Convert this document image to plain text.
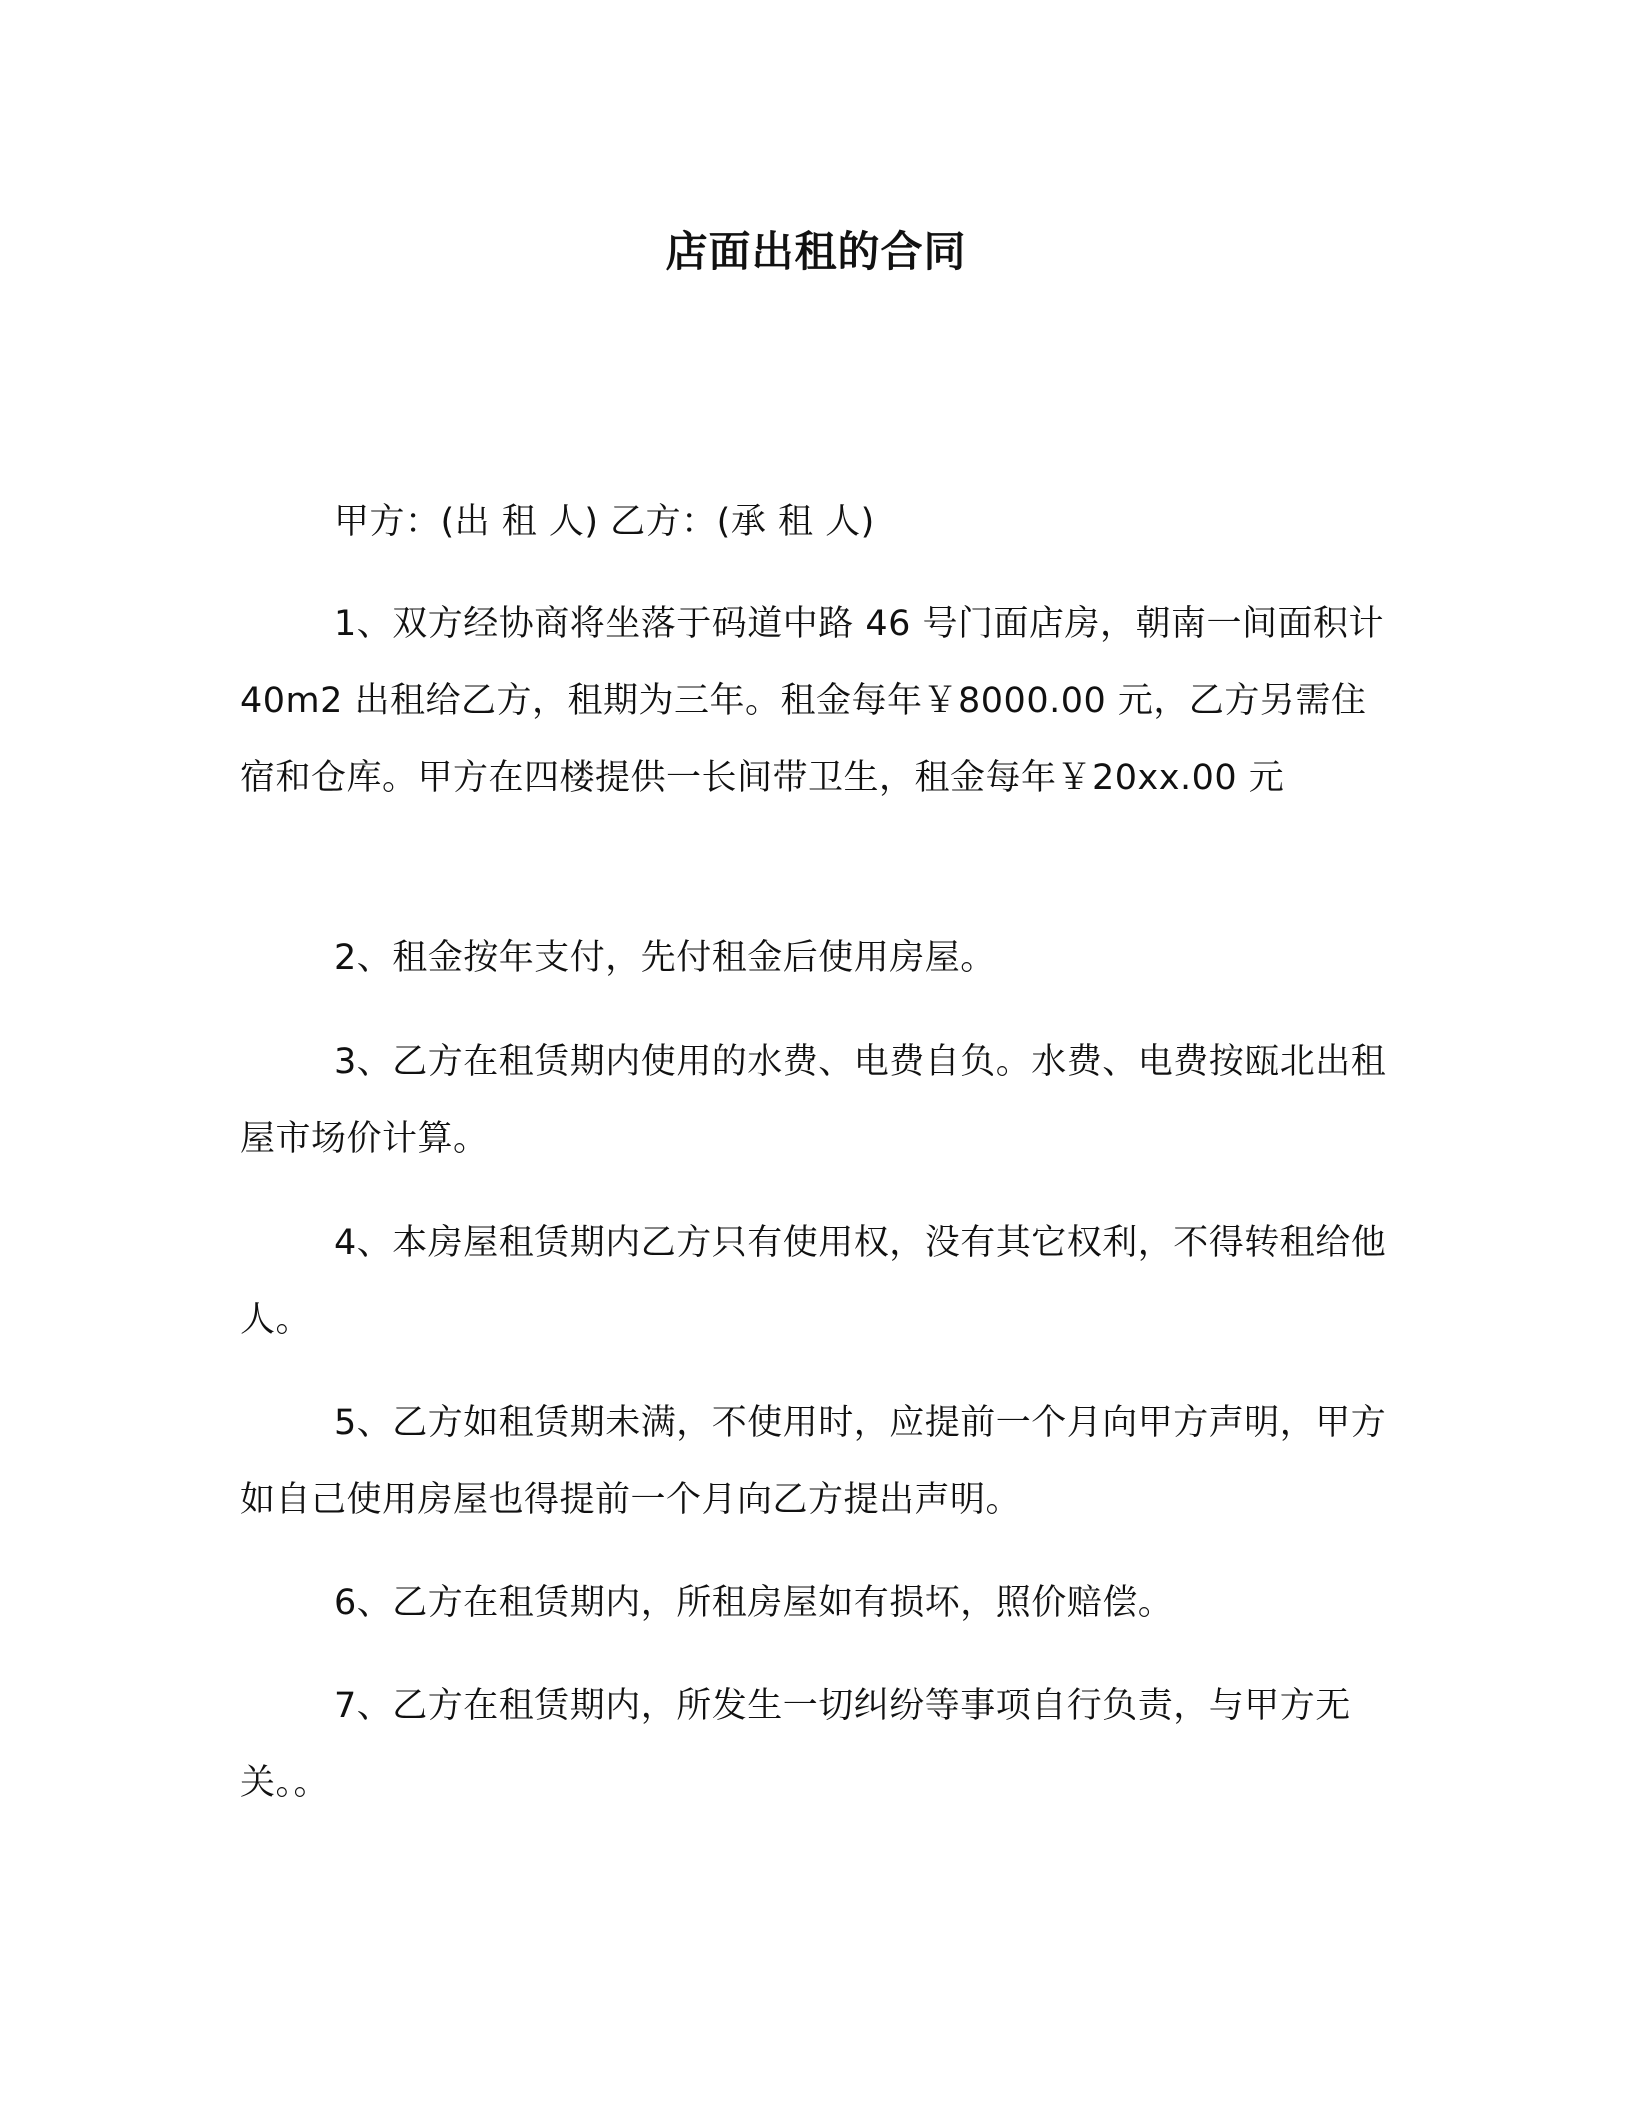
店面出租的合同

甲方：(出 租 人) 乙方：(承 租 人)

1、双方经协商将坐落于码道中路 46 号门面店房，朝南一间面积计 40m2 出租给乙方，租期为三年。租金每年￥8000.00 元，乙方另需住宿和仓库。甲方在四楼提供一长间带卫生，租金每年￥20xx.00 元

2、租金按年支付，先付租金后使用房屋。

3、乙方在租赁期内使用的水费、电费自负。水费、电费按瓯北出租屋市场价计算。

4、本房屋租赁期内乙方只有使用权，没有其它权利，不得转租给他人。

5、乙方如租赁期未满，不使用时，应提前一个月向甲方声明，甲方如自己使用房屋也得提前一个月向乙方提出声明。

6、乙方在租赁期内，所租房屋如有损坏，照价赔偿。

7、乙方在租赁期内，所发生一切纠纷等事项自行负责，与甲方无关。。
